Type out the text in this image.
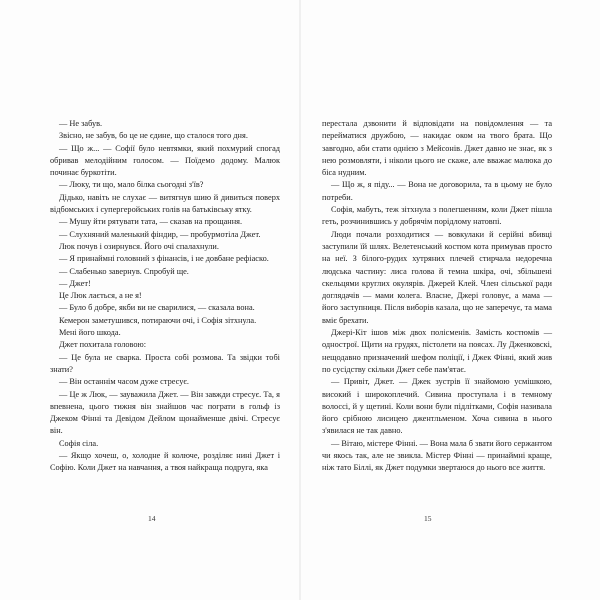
— Не забув.

Звісно, не забув, бо це не єдине, що сталося того дня.

— Що ж... — Софії було невтямки, який похмурий спогад обривав мелодійним голосом. — Поїдемо додому. Малюк починає буркотіти.

— Люку, ти що, мало білка сьогодні з'їв?

Дідько, навіть не слухає — витягнув шию й дивиться поверх відбомських і супергеройських голів на батьківську ятку.

— Мушу йти рятувати тата, — сказав на прощання.

— Слухняний маленький фіндир, — пробурмотіла Джет.

Люк почув і озирнувся. Його очі спалахнули.

— Я принаймні головний з фінансів, і не довбане рефіаско.

— Слабенько завернув. Спробуй ще.

— Джет!

Це Люк лається, а не я!

— Було б добре, якби ви не сварилися, — сказала вона.

Кемерон заметушився, потираючи очі, і Софія зітхнула.

Мені його шкода.

Джет похитала головою:

— Це була не сварка. Проста собі розмова. Та звідки тобі знати?

— Він останнім часом дуже стресує.

— Це ж Люк, — зауважила Джет. — Він завжди стресує. Та, я впевнена, цього тижня він знайшов час пограти в гольф із Джеком Фінні та Девідом Дейлом щонайменше двічі. Стресує він.

Софія сіла.

— Якщо хочеш, о, холодне й колюче, розділяє нині Джет і Софію. Коли Джет на навчання, а твоя найкраща подруга, яка

перестала дзвонити й відповідати на повідомлення — та перейматися дружбою, — накидає оком на твого брата. Що завгодно, аби стати однією з Мейсонів. Джет давно не знає, як з нею розмовляти, і ніколи цього не скаже, але вважає малюка до біса нудним.

— Що ж, я піду... — Вона не договорила, та в цьому не було потреби.

Софія, мабуть, теж зітхнула з полегшенням, коли Джет пішла геть, розчинившись у добрячім порідлому натовпі.

Люди почали розходитися — вовкулаки й серійні вбивці заступили їй шлях. Велетенський костюм кота примував просто на неї. З білого-рудих хутряних плечей стирчала недоречна людська частину: лиса голова й темна шкіра, очі, збільшені скельцями круглих окулярів. Джерей Клей. Член сільської ради доглядачів — мами колега. Власне, Джері головує, а мама — його заступниця. Після виборів казала, що не заперечує, та мама вміє брехати.

Джері-Кіт ішов між двох полісменів. Замість костюмів — однострої. Щити на грудях, пістолети на поясах. Лу Дженковскі, нещодавно призначений шефом поліції, і Джек Фінні, який жив по сусідству скільки Джет себе пам'ятає.

— Привіт, Джет. — Джек зустрів її знайомою усмішкою, високий і широкоплечий. Сивина проступала і в темному волоссі, й у щетині. Коли вони були підлітками, Софія називала його срібною лисицею джентльменом. Хоча сивина в нього з'явилася не так давно.

— Вітаю, містере Фінні. — Вона мала б звати його сержантом чи якось так, але не звикла. Містер Фінні — принаймні краще, ніж тато Біллі, як Джет подумки звертаюся до нього все життя.

14	15
